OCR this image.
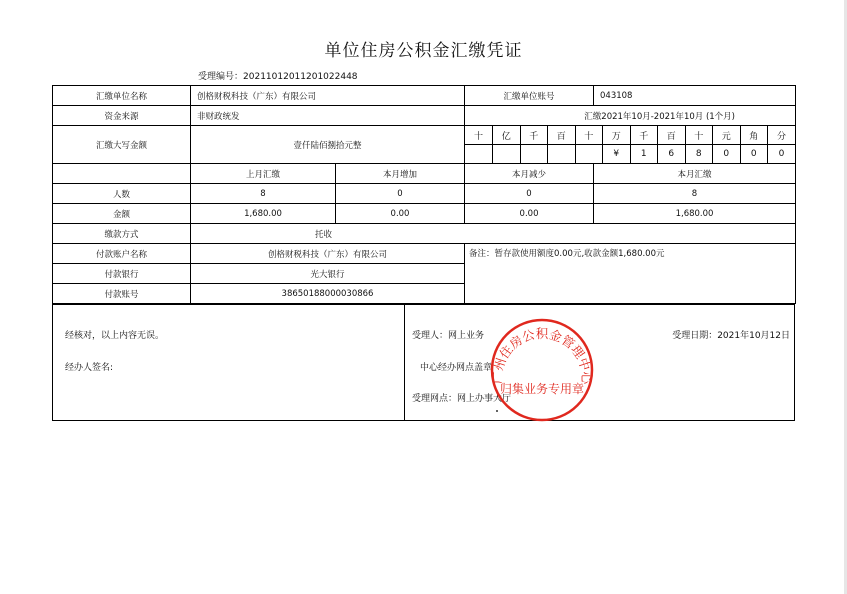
单位住房公积金汇缴凭证
受理编号：20211012011201022448
汇缴单位名称	创格财税科技（广东）有限公司	汇缴单位账号	043108
资金来源	非财政统发	汇缴2021年10月-2021年10月 (1个月)
汇缴大写金额	壹仟陆佰捌拾元整	
十	亿	千	百	十	万	千	百	十	元	角	分
					¥	1	6	8	0	0	0

	上月汇缴	本月增加	本月减少	本月汇缴
人数	8	0	0	8
金额	1,680.00	0.00	0.00	1,680.00
缴款方式	托收
付款账户名称	创格财税科技（广东）有限公司	备注：暂存款使用额度0.00元,收款金额1,680.00元
付款银行	光大银行
付款账号	38650188000030866
经核对，以上内容无误。
经办人签名:
受理人：网上业务	受理日期：2021年10月12日
中心经办网点盖章
受理网点：网上办事大厅
广州住房公积金管理中心
归集业务专用章
